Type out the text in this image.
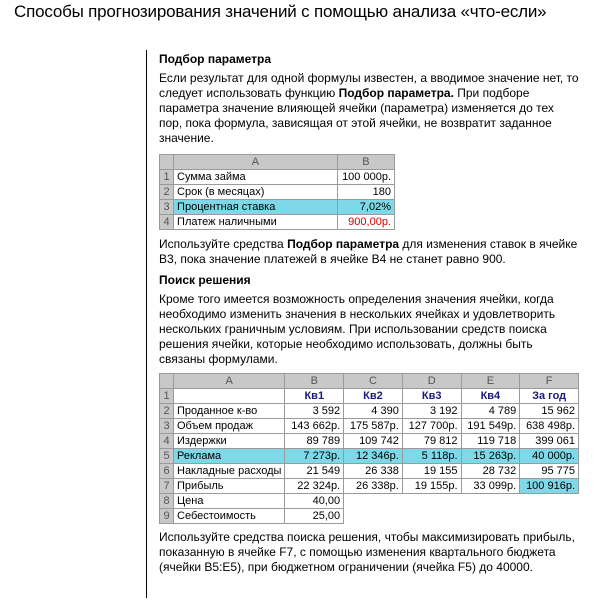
Способы прогнозирования значений с помощью анализа «что-если»
Подбор параметра

Если результат для одной формулы известен, а вводимое значение нет, то следует использовать функцию Подбор параметра. При подборе параметра значение влияющей ячейки (параметра) изменяется до тех пор, пока формула, зависящая от этой ячейки, не возвратит заданное значение.

	A	B
1	Сумма займа	100 000р.
2	Срок (в месяцах)	180
3	Процентная ставка	7,02%
4	Платеж наличными	900,00р.

Используйте средства Подбор параметра для изменения ставок в ячейке B3, пока значение платежей в ячейке B4 не станет равно 900.

Поиск решения

Кроме того имеется возможность определения значения ячейки, когда необходимо изменить значения в нескольких ячейках и удовлетворить нескольких граничным условиям. При использовании средств поиска решения ячейки, которые необходимо использовать, должны быть связаны формулами.

	A	B	C	D	E	F
1		Кв1	Кв2	Кв3	Кв4	За год
2	Проданное к-во	3 592	4 390	3 192	4 789	15 962
3	Объем продаж	143 662р.	175 587р.	127 700р.	191 549р.	638 498р.
4	Издержки	89 789	109 742	79 812	119 718	399 061
5	Реклама	7 273р.	12 346р.	5 118р.	15 263р.	40 000р.
6	Накладные расходы	21 549	26 338	19 155	28 732	95 775
7	Прибыль	22 324р.	26 338р.	19 155р.	33 099р.	100 916р.
8	Цена	40,00				
9	Себестоимость	25,00				

Используйте средства поиска решения, чтобы максимизировать прибыль, показанную в ячейке F7, с помощью изменения квартального бюджета (ячейки B5:E5), при бюджетном ограничении (ячейка F5) до 40000.
